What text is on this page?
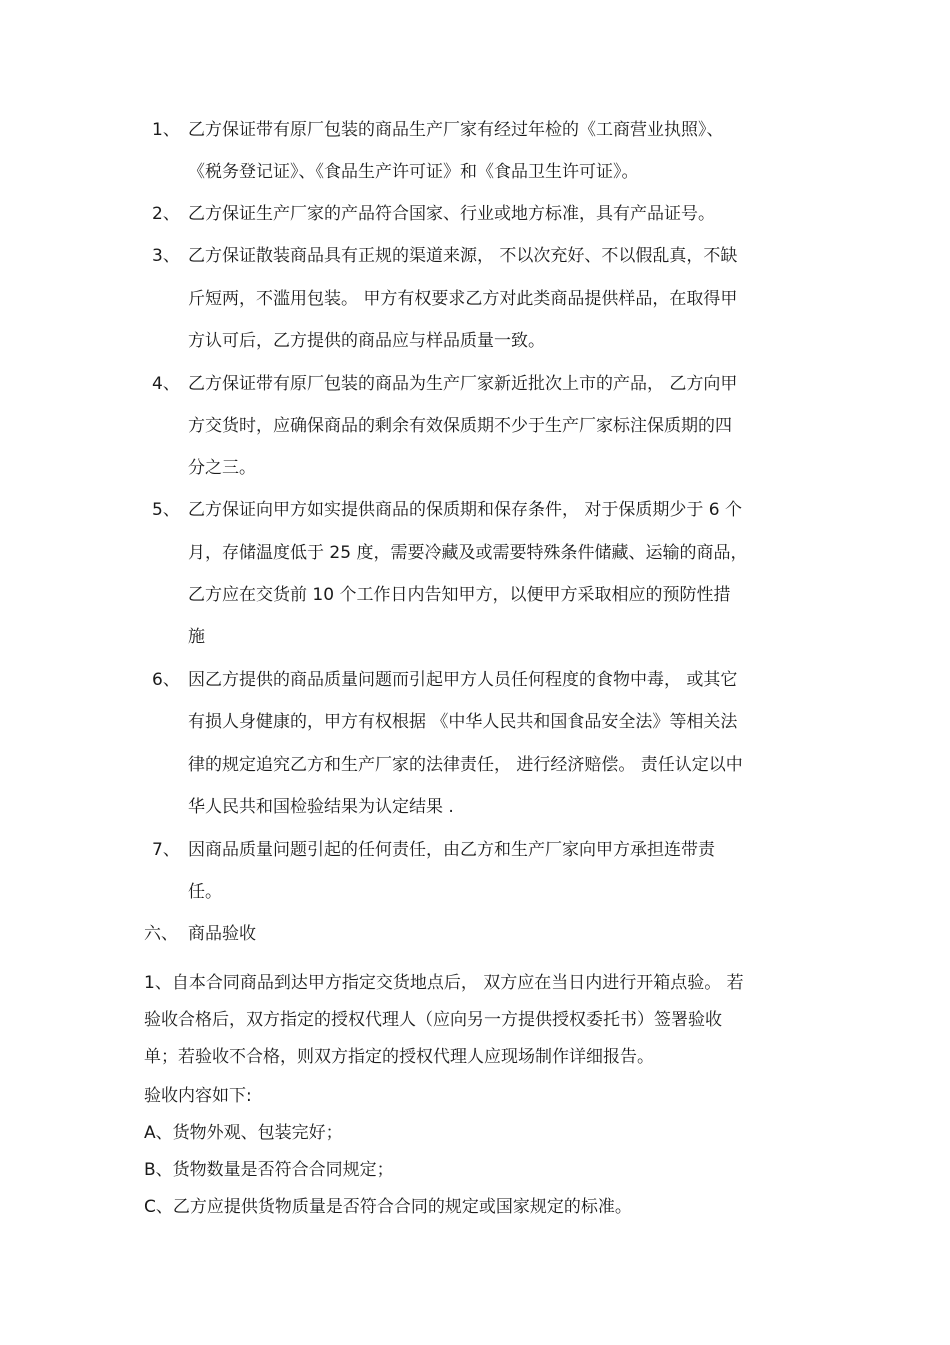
1、 乙方保证带有原厂包装的商品生产厂家有经过年检的《工商营业执照》、
《税务登记证》、《食品生产许可证》和《食品卫生许可证》。
2、 乙方保证生产厂家的产品符合国家、行业或地方标准，具有产品证号。
3、 乙方保证散装商品具有正规的渠道来源， 不以次充好、不以假乱真，不缺
斤短两，不滥用包装。 甲方有权要求乙方对此类商品提供样品，在取得甲
方认可后，乙方提供的商品应与样品质量一致。
4、 乙方保证带有原厂包装的商品为生产厂家新近批次上市的产品， 乙方向甲
方交货时，应确保商品的剩余有效保质期不少于生产厂家标注保质期的四
分之三。
5、 乙方保证向甲方如实提供商品的保质期和保存条件， 对于保质期少于 6 个
月，存储温度低于 25 度，需要冷藏及或需要特殊条件储藏、运输的商品，
乙方应在交货前 10 个工作日内告知甲方，以便甲方采取相应的预防性措
施
6、 因乙方提供的商品质量问题而引起甲方人员任何程度的食物中毒， 或其它
有损人身健康的，甲方有权根据 《中华人民共和国食品安全法》等相关法
律的规定追究乙方和生产厂家的法律责任， 进行经济赔偿。 责任认定以中
华人民共和国检验结果为认定结果 .
7、 因商品质量问题引起的任何责任，由乙方和生产厂家向甲方承担连带责
任。
六、 商品验收
1、自本合同商品到达甲方指定交货地点后， 双方应在当日内进行开箱点验。 若
验收合格后，双方指定的授权代理人（应向另一方提供授权委托书）签署验收
单；若验收不合格，则双方指定的授权代理人应现场制作详细报告。
验收内容如下:
A、货物外观、包装完好；
B、货物数量是否符合合同规定；
C、乙方应提供货物质量是否符合合同的规定或国家规定的标准。
